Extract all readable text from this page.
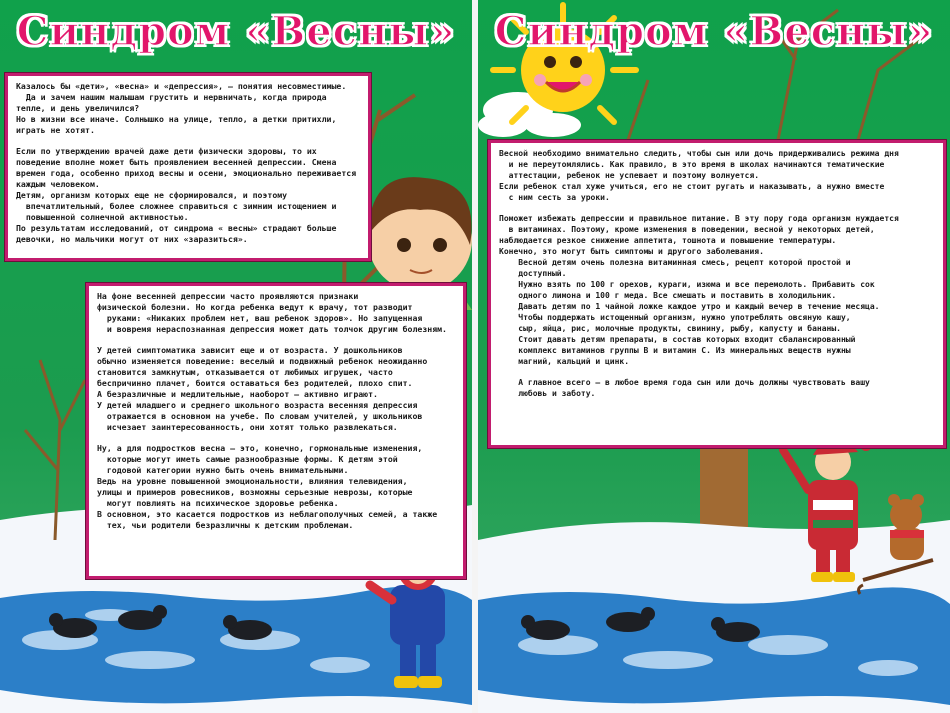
Синдром «Весны»

Казалось бы «дети», «весна» и «депрессия», – понятия несовместимые.

Да и зачем нашим малышам грустить и нервничать, когда природа

тепле, и день увеличился?

Но в жизни все иначе. Солнышко на улице, тепло, а детки притихли,

играть не хотят.

Если по утверждению врачей даже дети физически здоровы, то их

поведение вполне может быть проявлением весенней депрессии. Смена

времен года, особенно приход весны и осени, эмоционально переживается

каждым человеком.

Детям, организм которых еще не сформировался, и поэтому

впечатлительный, более сложнее справиться с зимним истощением и

повышенной солнечной активностью.

По результатам исследований, от синдрома « весны» страдают больше

девочки, но мальчики могут от них «заразиться».

На фоне весенней депрессии часто проявляются признаки

физической болезни. Но когда ребенка ведут к врачу, тот разводит

руками: «Никаких проблем нет, ваш ребенок здоров». Но запущенная

и вовремя нераспознанная депрессия может дать толчок другим болезням.

У детей симптоматика зависит еще и от возраста. У дошкольников

обычно изменяется поведение: веселый и подвижный ребенок неожиданно

становится замкнутым, отказывается от любимых игрушек, часто

беспричинно плачет, боится оставаться без родителей, плохо спит.

А безразличные и медлительные, наоборот – активно играют.

У детей младшего и среднего школьного возраста весенняя депрессия

отражается в основном на учебе. По словам учителей, у школьников

исчезает заинтересованность, они хотят только развлекаться.

Ну, а для подростков весна – это, конечно, гормональные изменения,

которые могут иметь самые разнообразные формы. К детям этой

годовой категории нужно быть очень внимательными.

Ведь на уровне повышенной эмоциональности, влияния телевидения,

улицы и примеров ровесников, возможны серьезные неврозы, которые

могут повлиять на психическое здоровье ребенка.

В основном, это касается подростков из неблагополучных семей, а также

тех, чьи родители безразличны к детским проблемам.

Синдром «Весны»

Весной необходимо внимательно следить, чтобы сын или дочь придерживались режима дня

и не переутомлялись. Как правило, в это время в школах начинаются тематические

аттестации, ребенок не успевает и поэтому волнуется.

Если ребенок стал хуже учиться, его не стоит ругать и наказывать, а нужно вместе

с ним сесть за уроки.

Поможет избежать депрессии и правильное питание. В эту пору года организм нуждается

в витаминах. Поэтому, кроме изменения в поведении, весной у некоторых детей,

наблюдается резкое снижение аппетита, тошнота и повышение температуры.

Конечно, это могут быть симптомы и другого заболевания.

Весной детям очень полезна витаминная смесь, рецепт которой простой и

доступный.

Нужно взять по 100 г орехов, кураги, изюма и все перемолоть. Прибавить сок

одного лимона и 100 г меда. Все смешать и поставить в холодильник.

Давать детям по 1 чайной ложке каждое утро и каждый вечер в течение месяца.

Чтобы поддержать истощенный организм, нужно употреблять овсяную кашу,

сыр, яйца, рис, молочные продукты, свинину, рыбу, капусту и бананы.

Стоит давать детям препараты, в состав которых входит сбалансированный

комплекс витаминов группы B и витамин C. Из минеральных веществ нужны

магний, кальций и цинк.

А главное всего – в любое время года сын или дочь должны чувствовать вашу

любовь и заботу.
